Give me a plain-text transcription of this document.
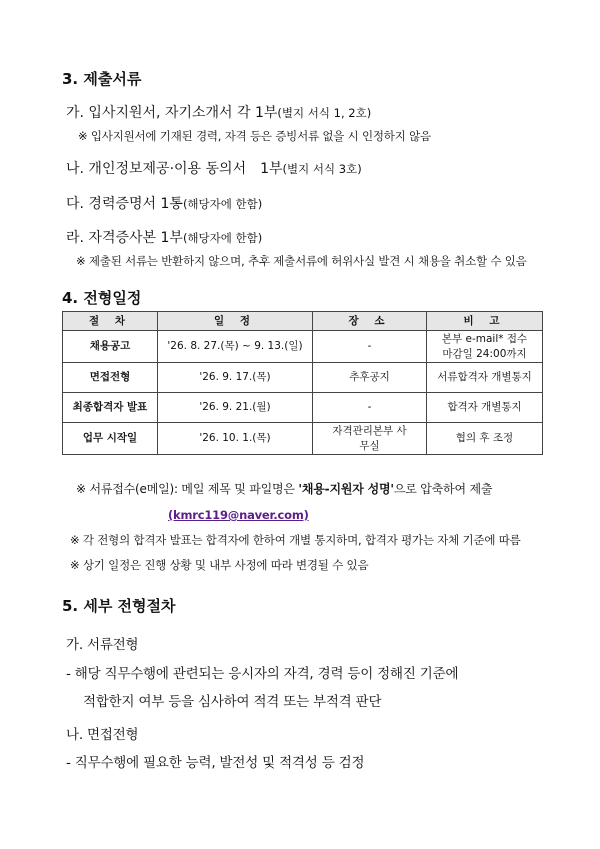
3. 제출서류
가. 입사지원서, 자기소개서 각 1부(별지 서식 1, 2호)
※ 입사지원서에 기재된 경력, 자격 등은 증빙서류 없을 시 인정하지 않음
나. 개인정보제공·이용 동의서　1부(별지 서식 3호)
다. 경력증명서 1통(해당자에 한함)
라. 자격증사본 1부(해당자에 한함)
※ 제출된 서류는 반환하지 않으며, 추후 제출서류에 허위사실 발견 시 채용을 취소할 수 있음
4. 전형일정
절 차	일 정	장 소	비 고
채용공고	'26. 8. 27.(목) ~ 9. 13.(일)	-	본부 e-mail* 접수
마감일 24:00까지

면접전형	'26. 9. 17.(목)	추후공지	서류합격자 개별통지
최종합격자 발표	'26. 9. 21.(월)	-	합격자 개별통지
업무 시작일	'26. 10. 1.(목)	자격관리본부 사무실	협의 후 조정
※ 서류접수(e메일): 메일 제목 및 파일명은 '채용-지원자 성명'으로 압축하여 제출
(kmrc119@naver.com)
※ 각 전형의 합격자 발표는 합격자에 한하여 개별 통지하며, 합격자 평가는 자체 기준에 따름
※ 상기 일정은 진행 상황 및 내부 사정에 따라 변경될 수 있음
5. 세부 전형절차
가. 서류전형
- 해당 직무수행에 관련되는 응시자의 자격, 경력 등이 정해진 기준에
적합한지 여부 등을 심사하여 적격 또는 부적격 판단
나. 면접전형
- 직무수행에 필요한 능력, 발전성 및 적격성 등 검정
